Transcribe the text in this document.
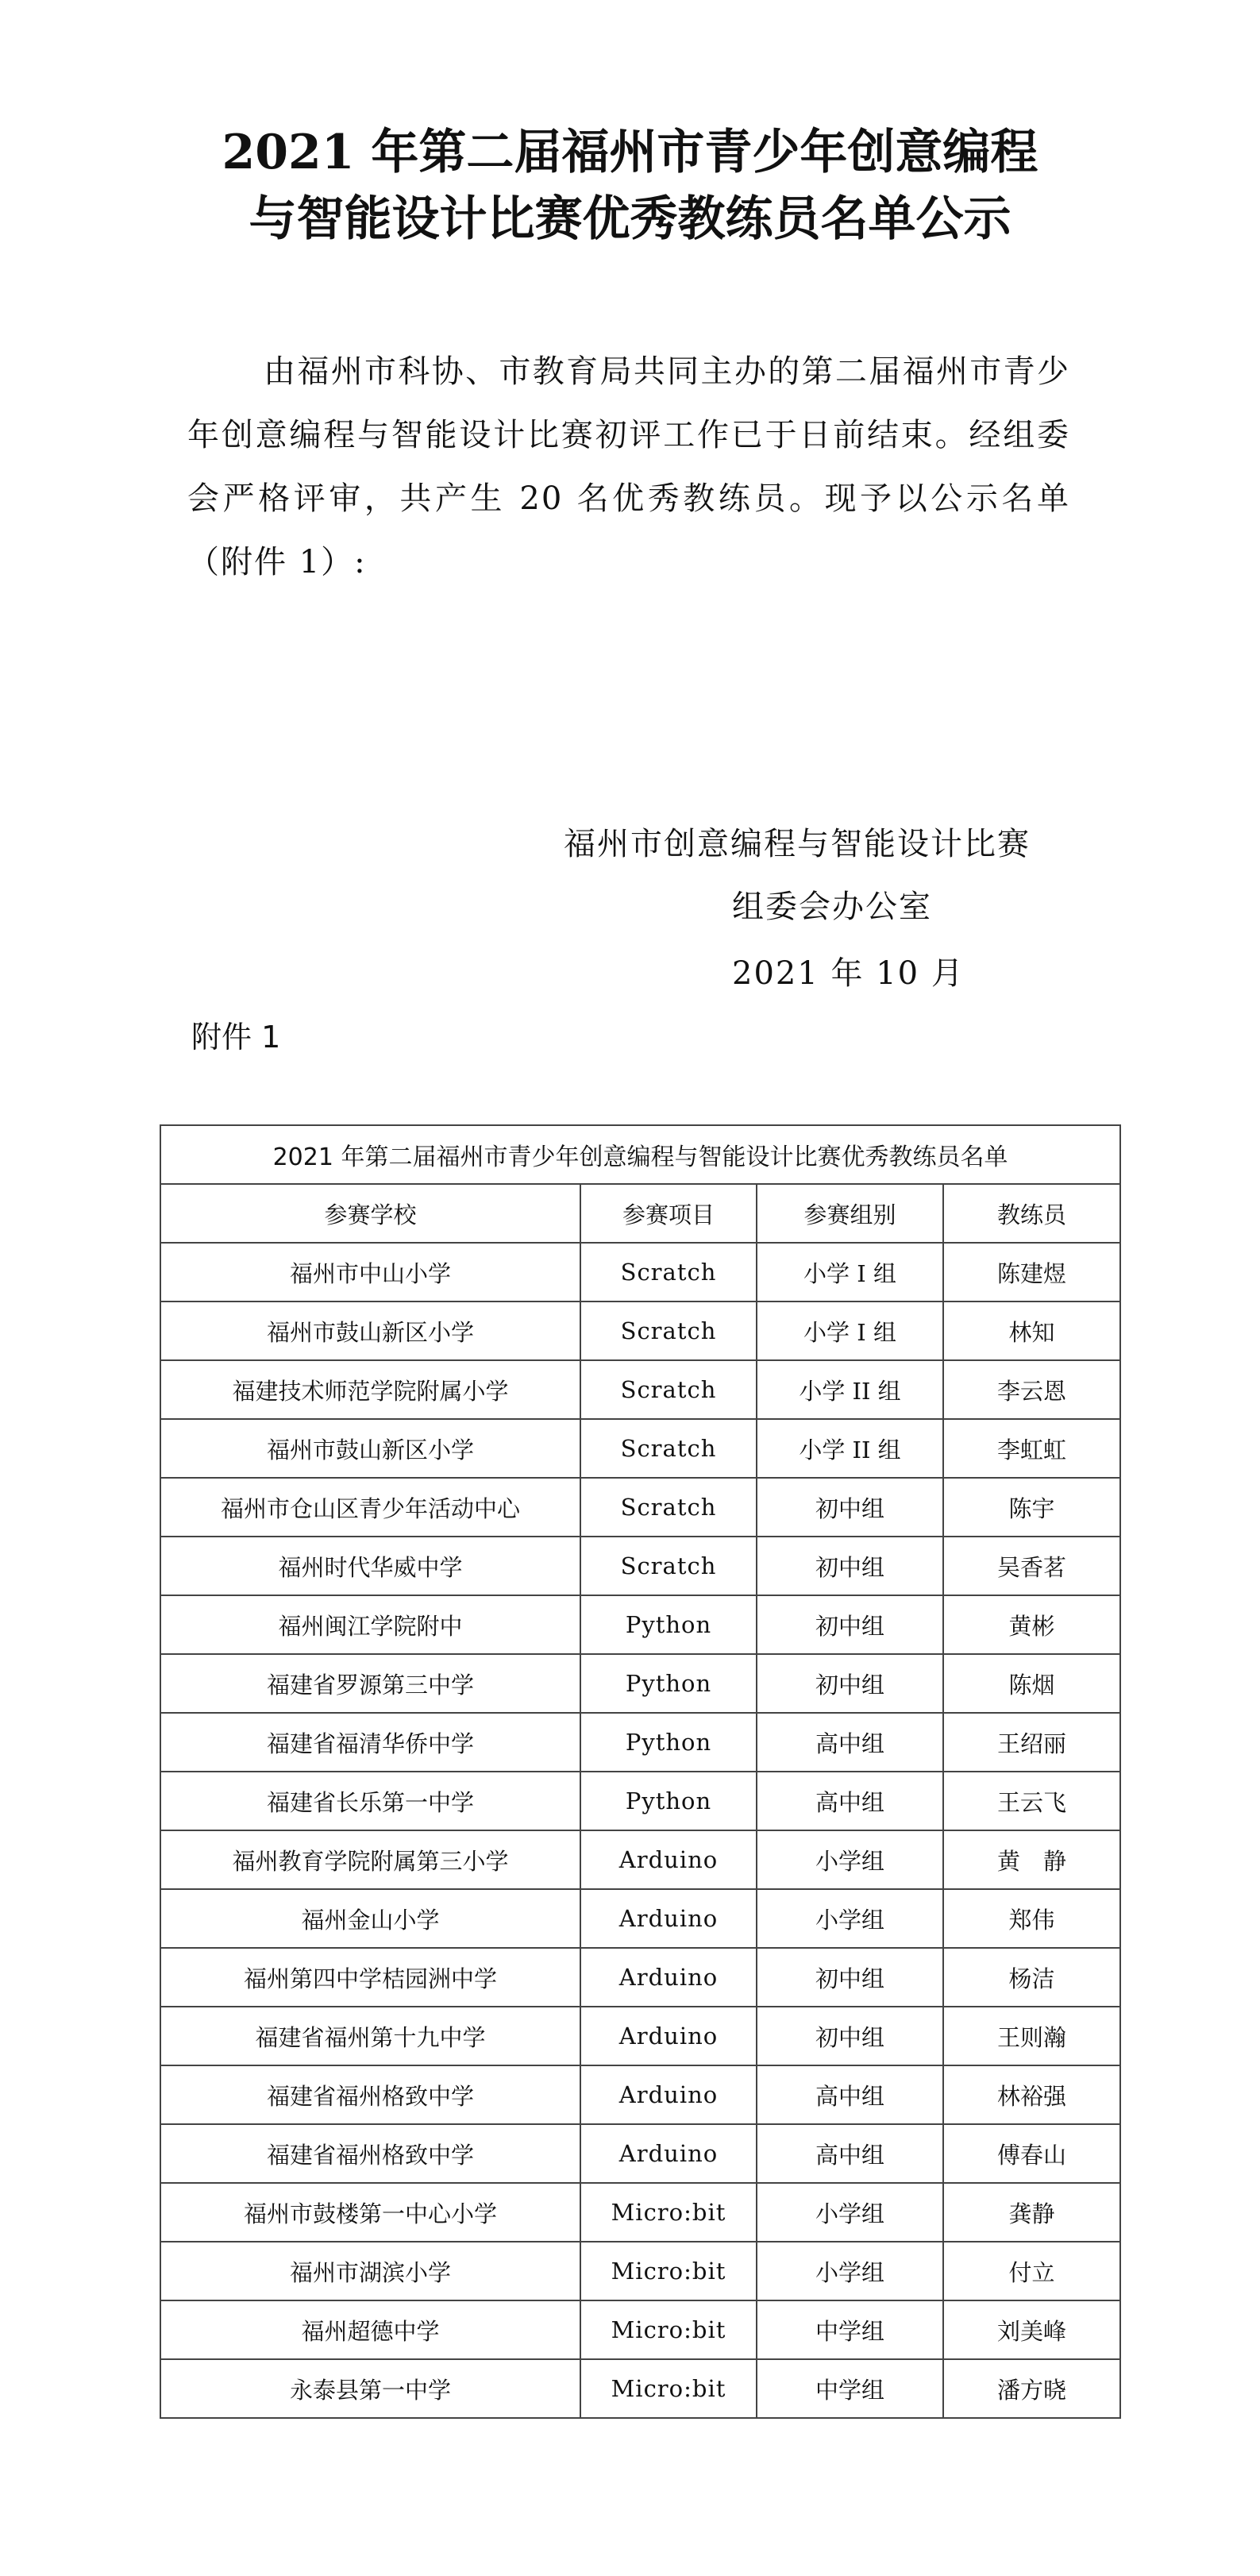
2021 年第二届福州市青少年创意编程
与智能设计比赛优秀教练员名单公示

由福州市科协、市教育局共同主办的第二届福州市青少年创意编程与智能设计比赛初评工作已于日前结束。经组委会严格评审，共产生 20 名优秀教练员。现予以公示名单（附件 1）:

福州市创意编程与智能设计比赛
组委会办公室
2021 年 10 月
附件 1
2021 年第二届福州市青少年创意编程与智能设计比赛优秀教练员名单			
参赛学校	参赛项目	参赛组别	教练员
福州市中山小学	Scratch	小学 I 组	陈建煜
福州市鼓山新区小学	Scratch	小学 I 组	林知
福建技术师范学院附属小学	Scratch	小学 II 组	李云恩
福州市鼓山新区小学	Scratch	小学 II 组	李虹虹
福州市仓山区青少年活动中心	Scratch	初中组	陈宇
福州时代华威中学	Scratch	初中组	吴香茗
福州闽江学院附中	Python	初中组	黄彬
福建省罗源第三中学	Python	初中组	陈烟
福建省福清华侨中学	Python	高中组	王绍丽
福建省长乐第一中学	Python	高中组	王云飞
福州教育学院附属第三小学	Arduino	小学组	黄　静
福州金山小学	Arduino	小学组	郑伟
福州第四中学桔园洲中学	Arduino	初中组	杨洁
福建省福州第十九中学	Arduino	初中组	王则瀚
福建省福州格致中学	Arduino	高中组	林裕强
福建省福州格致中学	Arduino	高中组	傅春山
福州市鼓楼第一中心小学	Micro:bit	小学组	龚静
福州市湖滨小学	Micro:bit	小学组	付立
福州超德中学	Micro:bit	中学组	刘美峰
永泰县第一中学	Micro:bit	中学组	潘方晓
